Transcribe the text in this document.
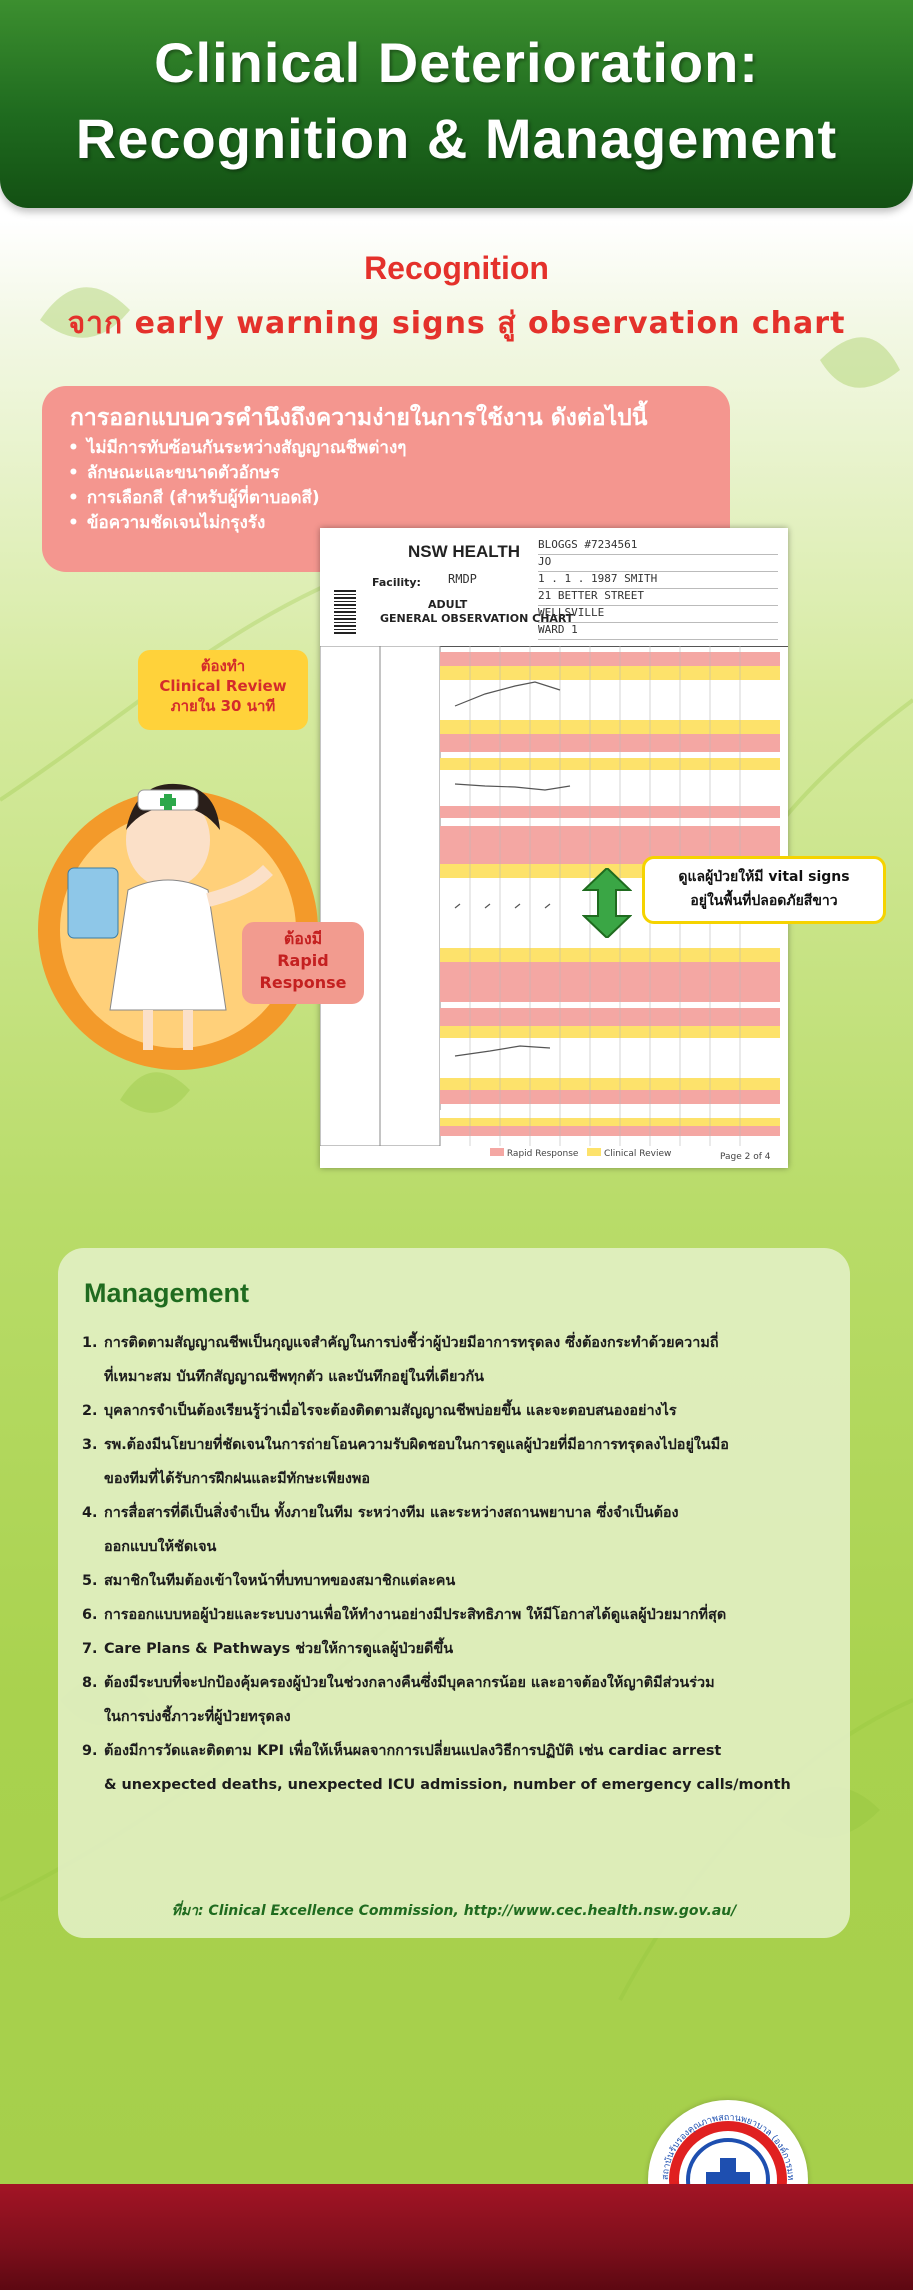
Clinical Deterioration:
Recognition & Management
Recognition
จาก early warning signs สู่ observation chart
การออกแบบควรคำนึงถึงความง่ายในการใช้งาน ดังต่อไปนี้
• ไม่มีการทับซ้อนกันระหว่างสัญญาณชีพต่างๆ
• ลักษณะและขนาดตัวอักษร
• การเลือกสี (สำหรับผู้ที่ตาบอดสี)
• ข้อความชัดเจนไม่กรุงรัง
NSW HEALTH
Facility: RMDP
ADULT
GENERAL OBSERVATION CHART
BLOGGS #7234561
JO
1 . 1 . 1987 SMITH
21 BETTER STREET
WELLSVILLE
WARD 1
Rapid Response	Clinical Review	Page 2 of 4
ต้องทำ
Clinical Review
ภายใน 30 นาที
ต้องมี
Rapid
Response
ดูแลผู้ป่วยให้มี vital signs
อยู่ในพื้นที่ปลอดภัยสีขาว
Management
1. การติดตามสัญญาณชีพเป็นกุญแจสำคัญในการบ่งชี้ว่าผู้ป่วยมีอาการทรุดลง ซึ่งต้องกระทำด้วยความถี่
ที่เหมาะสม บันทึกสัญญาณชีพทุกตัว และบันทึกอยู่ในที่เดียวกัน
2. บุคลากรจำเป็นต้องเรียนรู้ว่าเมื่อไรจะต้องติดตามสัญญาณชีพบ่อยขึ้น และจะตอบสนองอย่างไร
3. รพ.ต้องมีนโยบายที่ชัดเจนในการถ่ายโอนความรับผิดชอบในการดูแลผู้ป่วยที่มีอาการทรุดลงไปอยู่ในมือ
ของทีมที่ได้รับการฝึกฝนและมีทักษะเพียงพอ
4. การสื่อสารที่ดีเป็นสิ่งจำเป็น ทั้งภายในทีม ระหว่างทีม และระหว่างสถานพยาบาล ซึ่งจำเป็นต้อง
ออกแบบให้ชัดเจน
5. สมาชิกในทีมต้องเข้าใจหน้าที่บทบาทของสมาชิกแต่ละคน
6. การออกแบบหอผู้ป่วยและระบบงานเพื่อให้ทำงานอย่างมีประสิทธิภาพ ให้มีโอกาสได้ดูแลผู้ป่วยมากที่สุด
7. Care Plans & Pathways ช่วยให้การดูแลผู้ป่วยดีขึ้น
8. ต้องมีระบบที่จะปกป้องคุ้มครองผู้ป่วยในช่วงกลางคืนซึ่งมีบุคลากรน้อย และอาจต้องให้ญาติมีส่วนร่วม
ในการบ่งชี้ภาวะที่ผู้ป่วยทรุดลง
9. ต้องมีการวัดและติดตาม KPI เพื่อให้เห็นผลจากการเปลี่ยนแปลงวิธีการปฏิบัติ เช่น cardiac arrest
& unexpected deaths, unexpected ICU admission, number of emergency calls/month
ที่มา: Clinical Excellence Commission, http://www.cec.health.nsw.gov.au/
สถาบันรับรองคุณภาพสถานพยาบาล (องค์การมห
